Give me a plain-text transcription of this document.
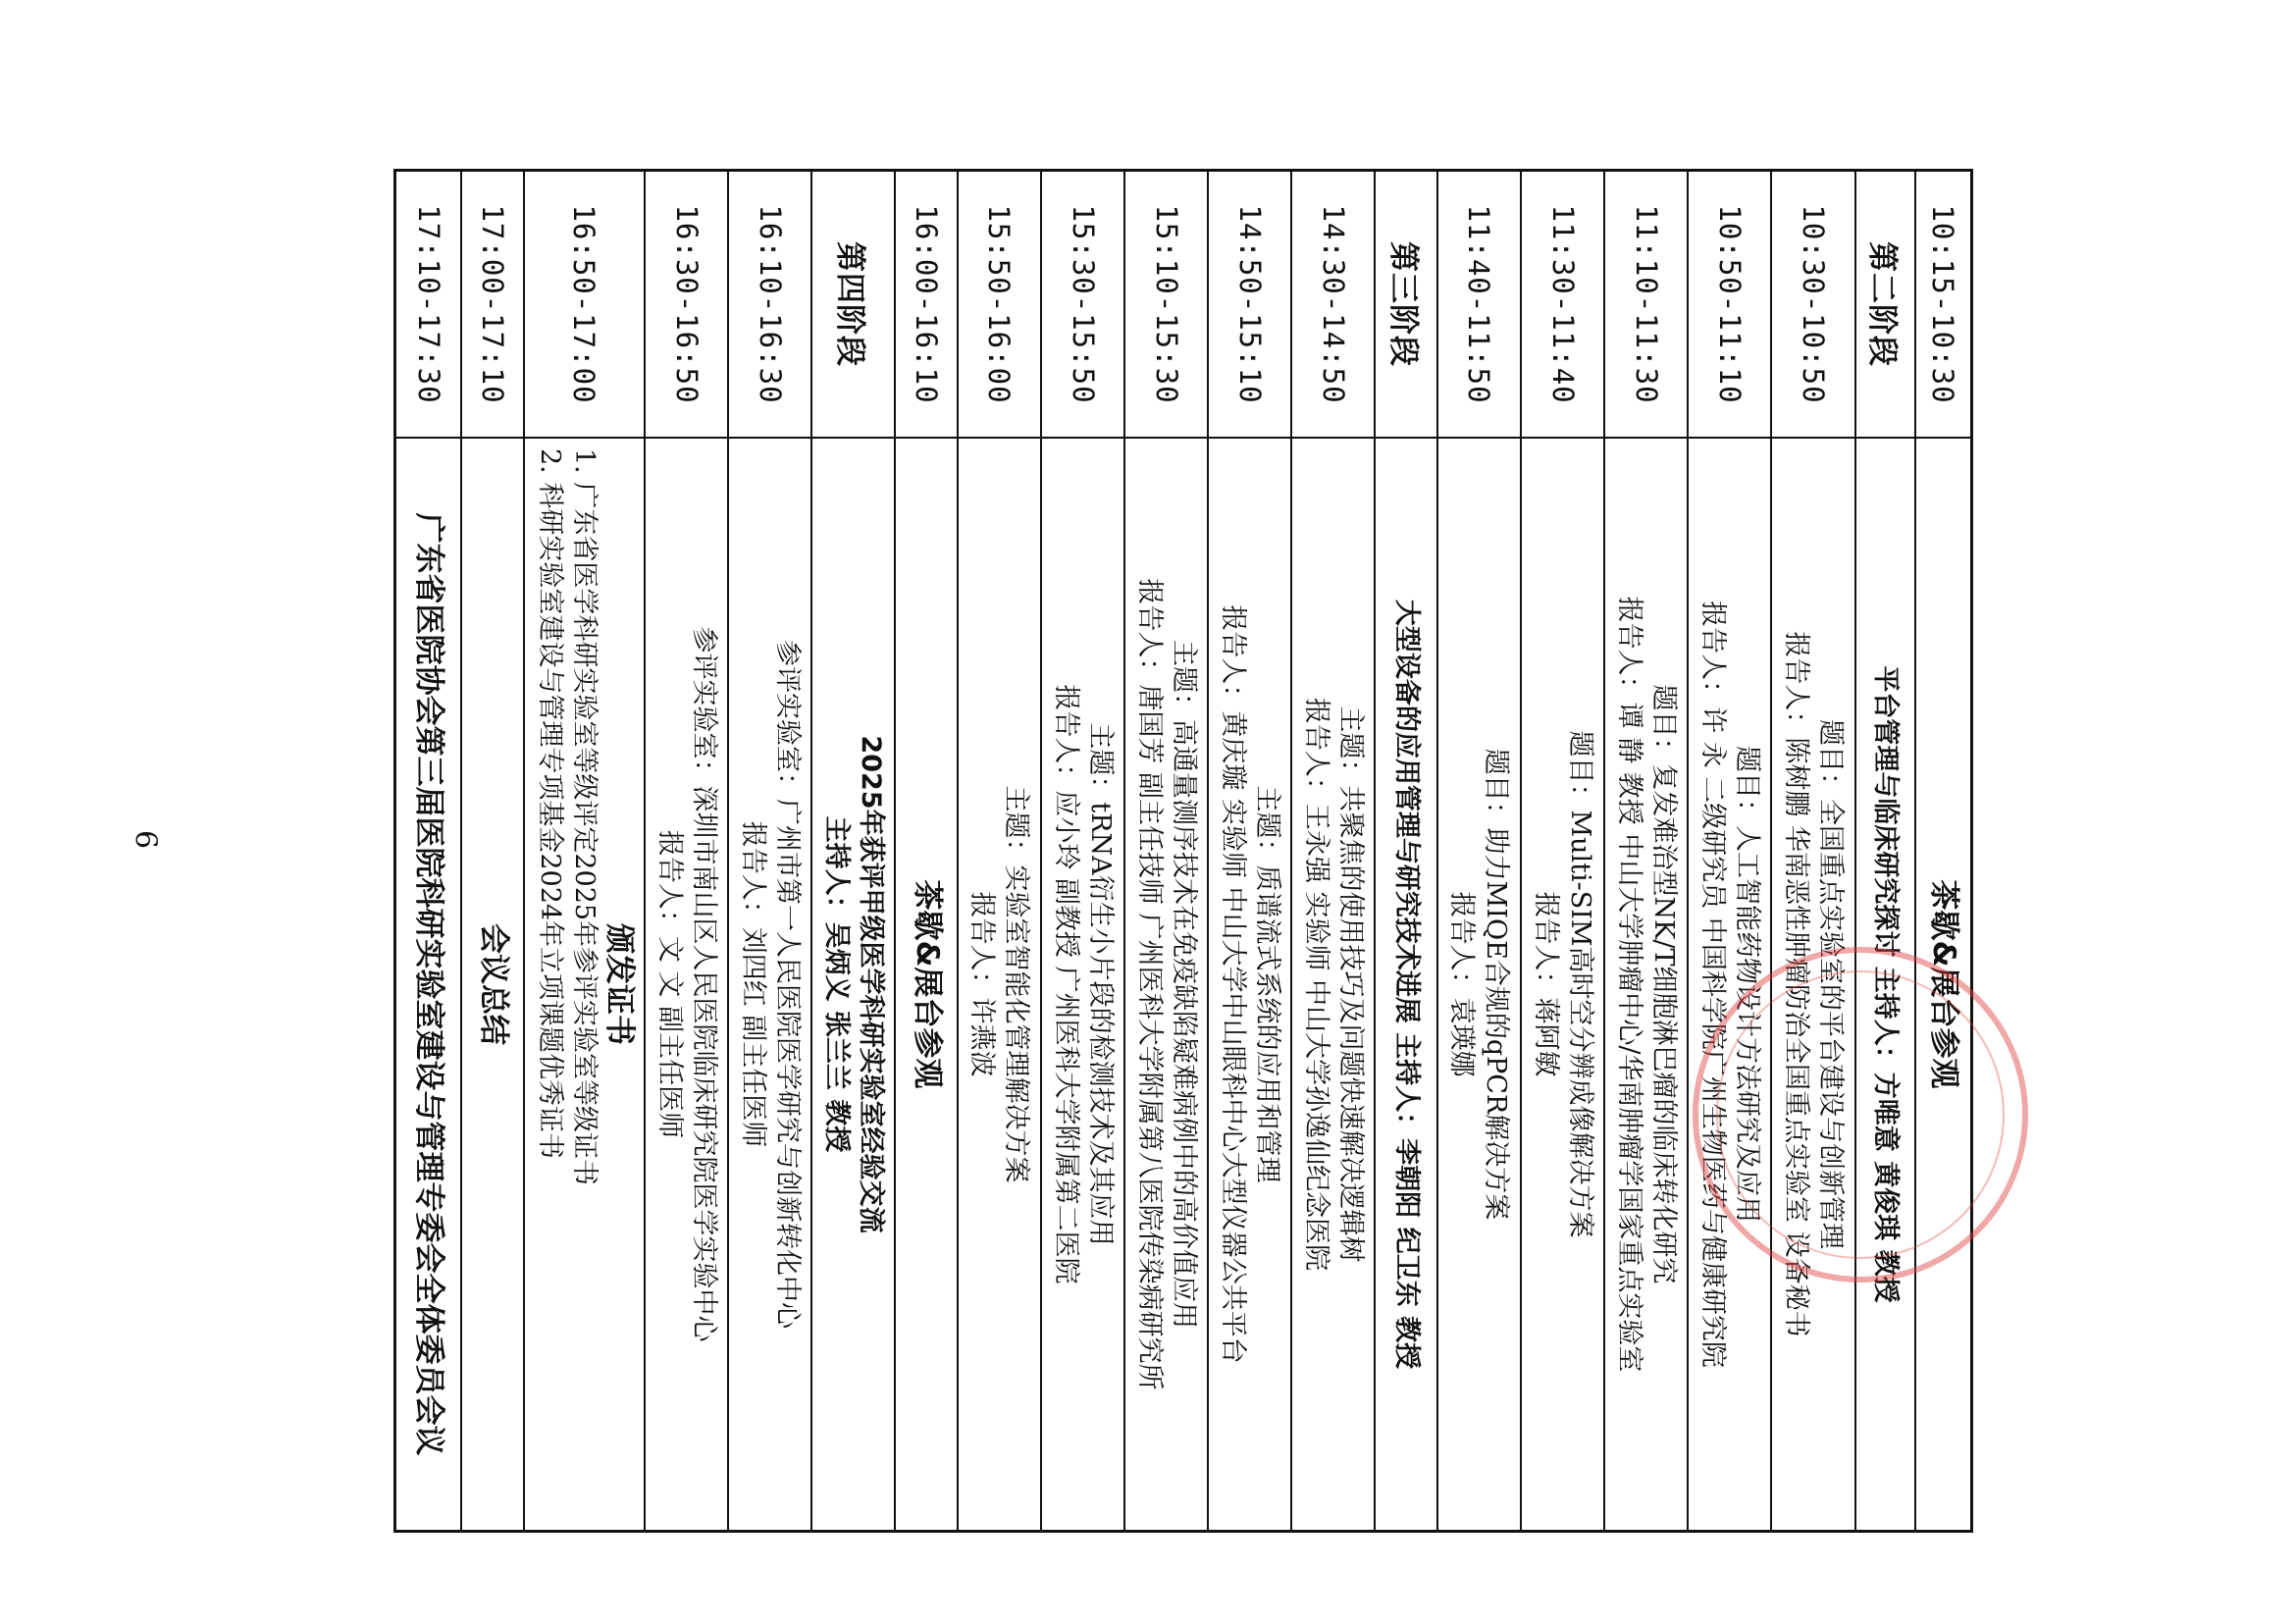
6
10:15-10:30	茶歇&展台参观

第二阶段	平台管理与临床研究探讨 主持人：方唯意 黄俊琪 教授

10:30-10:50	题目：全国重点实验室的平台建设与创新管理
报告人：陈树鹏 华南恶性肿瘤防治全国重点实验室 设备秘书

10:50-11:10	题目：人工智能药物设计方法研究及应用
报告人：许 永 二级研究员 中国科学院广州生物医药与健康研究院

11:10-11:30	题目：复发难治型NK/T细胞淋巴瘤的临床转化研究
报告人：谭 静 教授 中山大学肿瘤中心/华南肿瘤学国家重点实验室

11:30-11:40	题目：Multi-SIM高时空分辨成像解决方案
报告人：蒋阿敏

11:40-11:50	题目：助力MIQE合规的qPCR解决方案
报告人：袁瑛娜

第三阶段	大型设备的应用管理与研究技术进展 主持人：李朝阳 纪卫东 教授

14:30-14:50	主题：共聚焦的使用技巧及问题快速解决逻辑树
报告人：王永强 实验师 中山大学孙逸仙纪念医院

14:50-15:10	主题：质谱流式系统的应用和管理
报告人：黄庆璇 实验师 中山大学中山眼科中心大型仪器公共平台

15:10-15:30	主题：高通量测序技术在免疫缺陷疑难病例中的高价值应用
报告人：唐国芳 副主任技师 广州医科大学附属第八医院传染病研究所

15:30-15:50	主题：tRNA衍生小片段的检测技术及其应用
报告人：应小玲 副教授 广州医科大学附属第二医院

15:50-16:00	主题：实验室智能化管理解决方案
报告人：许燕波

16:00-16:10	茶歇&展台参观

第四阶段	2025年获评甲级医学科研实验室经验交流
主持人：吴炳义 张兰兰 教授

16:10-16:30	参评实验室：广州市第一人民医院医学研究与创新转化中心
报告人：刘四红 副主任医师

16:30-16:50	参评实验室：深圳市南山区人民医院临床研究院医学实验中心
报告人：文 文 副主任医师

16:50-17:00	颁发证书
1. 广东省医学科研实验室等级评定2025年参评实验室等级证书
2. 科研实验室建设与管理专项基金2024年立项课题优秀证书

17:00-17:10	会议总结

17:10-17:30	广东省医院协会第三届医院科研实验室建设与管理专委会全体委员会议
